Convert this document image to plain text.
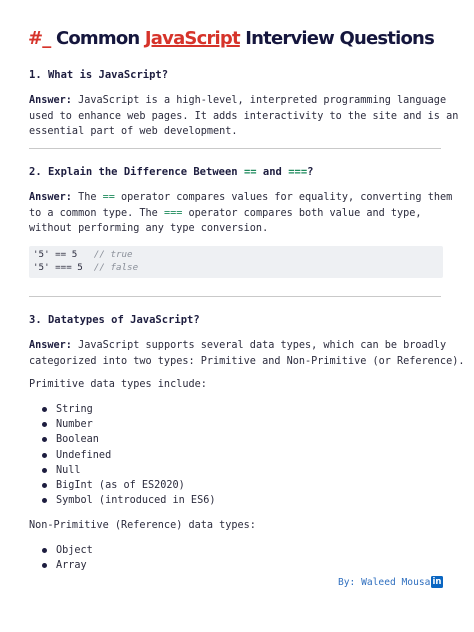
#_ Common JavaScript Interview Questions
1. What is JavaScript?
Answer: JavaScript is a high-level, interpreted programming language
used to enhance web pages. It adds interactivity to the site and is an
essential part of web development.
2. Explain the Difference Between == and ===?
Answer: The == operator compares values for equality, converting them
to a common type. The === operator compares both value and type,
without performing any type conversion.
'5' == 5   // true
'5' === 5  // false
3. Datatypes of JavaScript?
Answer: JavaScript supports several data types, which can be broadly
categorized into two types: Primitive and Non-Primitive (or Reference).
Primitive data types include:
String
Number
Boolean
Undefined
Null
BigInt (as of ES2020)
Symbol (introduced in ES6)
Non-Primitive (Reference) data types:
Object
Array
By: Waleed Mousa in
